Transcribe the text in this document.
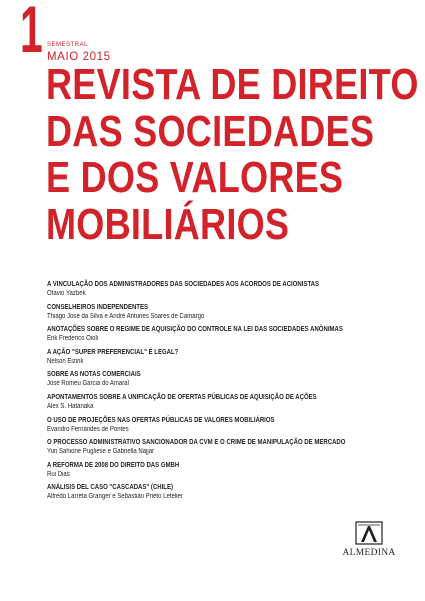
1 SEMESTRAL
MAIO 2015
REVISTA DE DIREITO
DAS SOCIEDADES
E DOS VALORES
MOBILIÁRIOS
A VINCULAÇÃO DOS ADMINISTRADORES DAS SOCIEDADES AOS ACORDOS DE ACIONISTAS
Otavio Yazbek
CONSELHEIROS INDEPENDENTES
Thiago José da Silva e André Antunes Soares de Camargo
ANOTAÇÕES SOBRE O REGIME DE AQUISIÇÃO DO CONTROLE NA LEI DAS SOCIEDADES ANÔNIMAS
Erik Frederico Oioli
A AÇÃO "SUPER PREFERENCIAL" É LEGAL?
Nelson Eizirik
SOBRE AS NOTAS COMERCIAIS
José Romeu Garcia do Amaral
APONTAMENTOS SOBRE A UNIFICAÇÃO DE OFERTAS PÚBLICAS DE AQUISIÇÃO DE AÇÕES
Alex S. Hatanaka
O USO DE PROJEÇÕES NAS OFERTAS PÚBLICAS DE VALORES MOBILIÁRIOS
Evandro Fernandes de Pontes
O PROCESSO ADMINISTRATIVO SANCIONADOR DA CVM E O CRIME DE MANIPULAÇÃO DE MERCADO
Yuri Sahione Pugliese e Gabriella Najjar
A REFORMA DE 2008 DO DIREITO DAS GMBH
Rui Dias
ANÁLISIS DEL CASO "CASCADAS" (CHILE)
Alfredo Larreta Granger e Sebastián Prieto Letelier
ALMEDINA
